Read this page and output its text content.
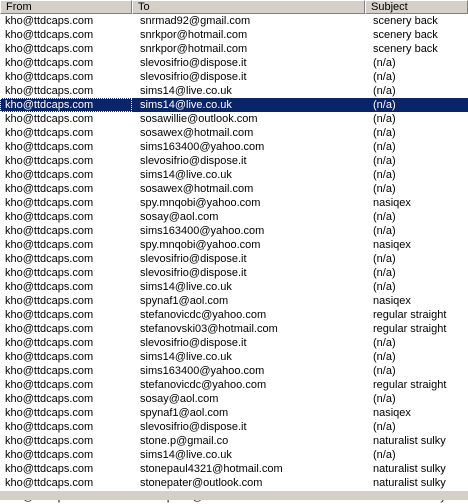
From	To	Subject
kho@ttdcaps.com	snrmad92@gmail.com	scenery back
kho@ttdcaps.com	snrkpor@hotmail.com	scenery back
kho@ttdcaps.com	snrkpor@hotmail.com	scenery back
kho@ttdcaps.com	slevosifrio@dispose.it	(n/a)
kho@ttdcaps.com	slevosifrio@dispose.it	(n/a)
kho@ttdcaps.com	sims14@live.co.uk	(n/a)
kho@ttdcaps.com	sims14@live.co.uk	(n/a)
kho@ttdcaps.com	sosawillie@outlook.com	(n/a)
kho@ttdcaps.com	sosawex@hotmail.com	(n/a)
kho@ttdcaps.com	sims163400@yahoo.com	(n/a)
kho@ttdcaps.com	slevosifrio@dispose.it	(n/a)
kho@ttdcaps.com	sims14@live.co.uk	(n/a)
kho@ttdcaps.com	sosawex@hotmail.com	(n/a)
kho@ttdcaps.com	spy.mnqobi@yahoo.com	nasiqex
kho@ttdcaps.com	sosay@aol.com	(n/a)
kho@ttdcaps.com	sims163400@yahoo.com	(n/a)
kho@ttdcaps.com	spy.mnqobi@yahoo.com	nasiqex
kho@ttdcaps.com	slevosifrio@dispose.it	(n/a)
kho@ttdcaps.com	slevosifrio@dispose.it	(n/a)
kho@ttdcaps.com	sims14@live.co.uk	(n/a)
kho@ttdcaps.com	spynaf1@aol.com	nasiqex
kho@ttdcaps.com	stefanovicdc@yahoo.com	regular straight
kho@ttdcaps.com	stefanovski03@hotmail.com	regular straight
kho@ttdcaps.com	slevosifrio@dispose.it	(n/a)
kho@ttdcaps.com	sims14@live.co.uk	(n/a)
kho@ttdcaps.com	sims163400@yahoo.com	(n/a)
kho@ttdcaps.com	stefanovicdc@yahoo.com	regular straight
kho@ttdcaps.com	sosay@aol.com	(n/a)
kho@ttdcaps.com	spynaf1@aol.com	nasiqex
kho@ttdcaps.com	slevosifrio@dispose.it	(n/a)
kho@ttdcaps.com	stone.p@gmail.co	naturalist sulky
kho@ttdcaps.com	sims14@live.co.uk	(n/a)
kho@ttdcaps.com	stonepaul4321@hotmail.com	naturalist sulky
kho@ttdcaps.com	stonepater@outlook.com	naturalist sulky
